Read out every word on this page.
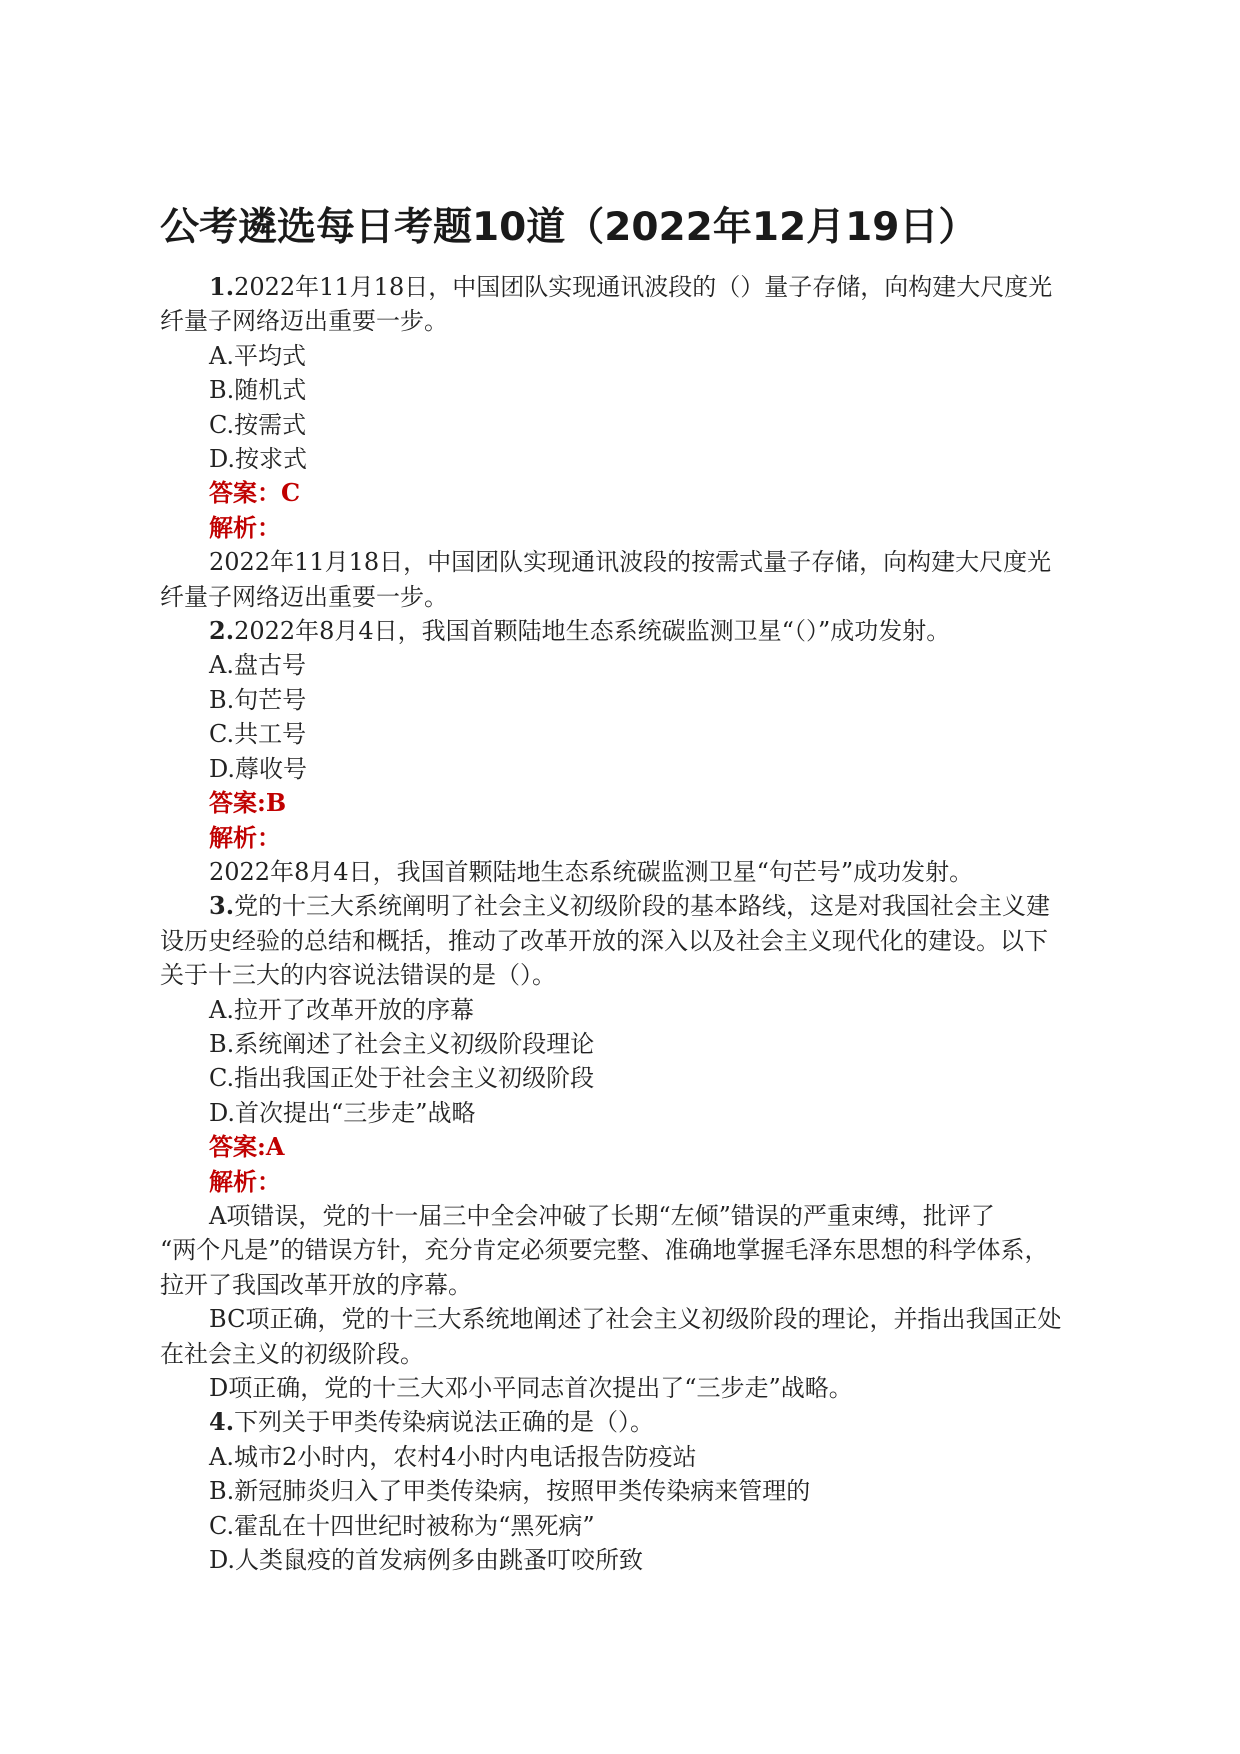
公考遴选每日考题10道（2022年12月19日）
1.2022年11月18日，中国团队实现通讯波段的（）量子存储，向构建大尺度光
纤量子网络迈出重要一步。
A.平均式
B.随机式
C.按需式
D.按求式
答案：C
解析：
2022年11月18日，中国团队实现通讯波段的按需式量子存储，向构建大尺度光
纤量子网络迈出重要一步。
2.2022年8月4日，我国首颗陆地生态系统碳监测卫星“（）”成功发射。
A.盘古号
B.句芒号
C.共工号
D.蓐收号
答案:B
解析：
2022年8月4日，我国首颗陆地生态系统碳监测卫星“句芒号”成功发射。
3.党的十三大系统阐明了社会主义初级阶段的基本路线，这是对我国社会主义建
设历史经验的总结和概括，推动了改革开放的深入以及社会主义现代化的建设。以下
关于十三大的内容说法错误的是（）。
A.拉开了改革开放的序幕
B.系统阐述了社会主义初级阶段理论
C.指出我国正处于社会主义初级阶段
D.首次提出“三步走”战略
答案:A
解析：
A项错误，党的十一届三中全会冲破了长期“左倾”错误的严重束缚，批评了
“两个凡是”的错误方针，充分肯定必须要完整、准确地掌握毛泽东思想的科学体系，
拉开了我国改革开放的序幕。
BC项正确，党的十三大系统地阐述了社会主义初级阶段的理论，并指出我国正处
在社会主义的初级阶段。
D项正确，党的十三大邓小平同志首次提出了“三步走”战略。
4.下列关于甲类传染病说法正确的是（）。
A.城市2小时内，农村4小时内电话报告防疫站
B.新冠肺炎归入了甲类传染病，按照甲类传染病来管理的
C.霍乱在十四世纪时被称为“黑死病”
D.人类鼠疫的首发病例多由跳蚤叮咬所致
